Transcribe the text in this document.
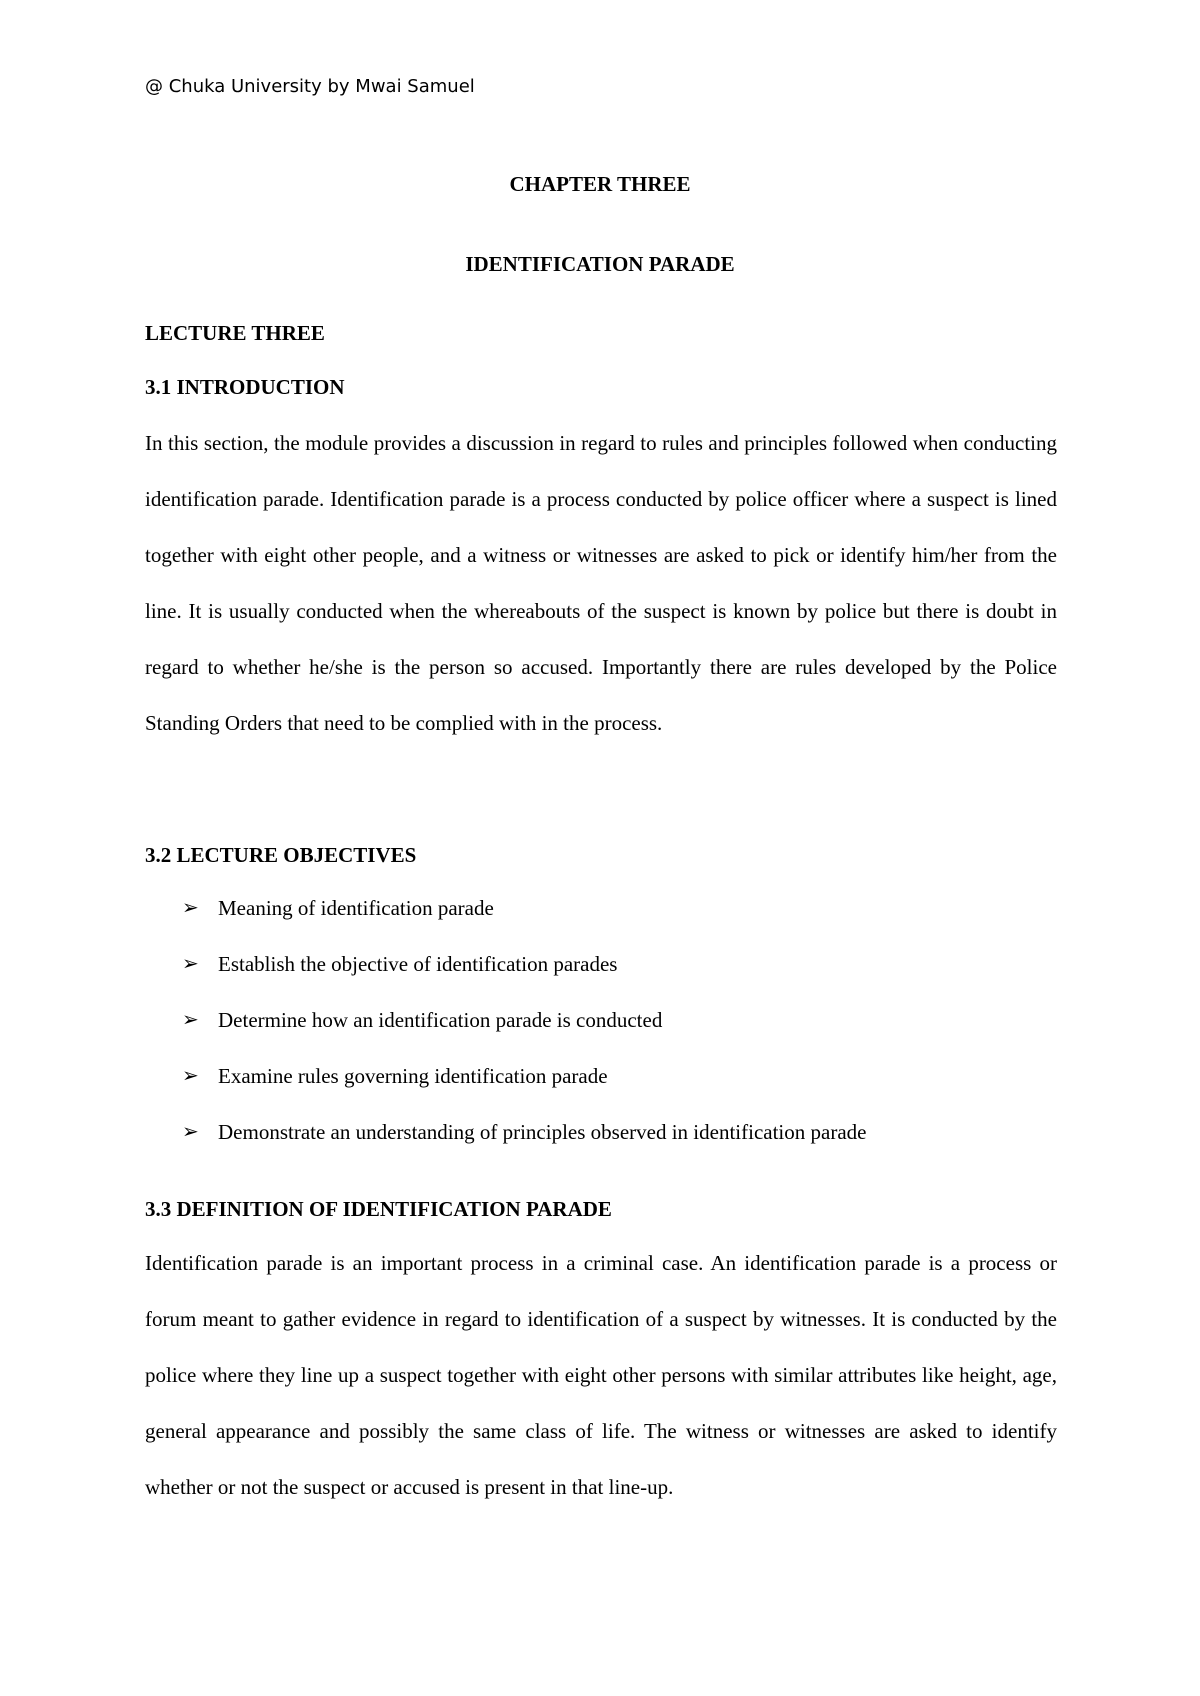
@ Chuka University by Mwai Samuel
CHAPTER THREE
IDENTIFICATION PARADE
LECTURE THREE
3.1 INTRODUCTION

In this section, the module provides a discussion in regard to rules and principles followed when conducting identification parade. Identification parade is a process conducted by police officer where a suspect is lined together with eight other people, and a witness or witnesses are asked to pick or identify him/her from the line. It is usually conducted when the whereabouts of the suspect is known by police but there is doubt in regard to whether he/she is the person so accused. Importantly there are rules developed by the Police Standing Orders that need to be complied with in the process.

3.2 LECTURE OBJECTIVES
➢ Meaning of identification parade
➢ Establish the objective of identification parades
➢ Determine how an identification parade is conducted
➢ Examine rules governing identification parade
➢ Demonstrate an understanding of principles observed in identification parade
3.3 DEFINITION OF IDENTIFICATION PARADE

Identification parade is an important process in a criminal case. An identification parade is a process or forum meant to gather evidence in regard to identification of a suspect by witnesses. It is conducted by the police where they line up a suspect together with eight other persons with similar attributes like height, age, general appearance and possibly the same class of life. The witness or witnesses are asked to identify whether or not the suspect or accused is present in that line-up.
